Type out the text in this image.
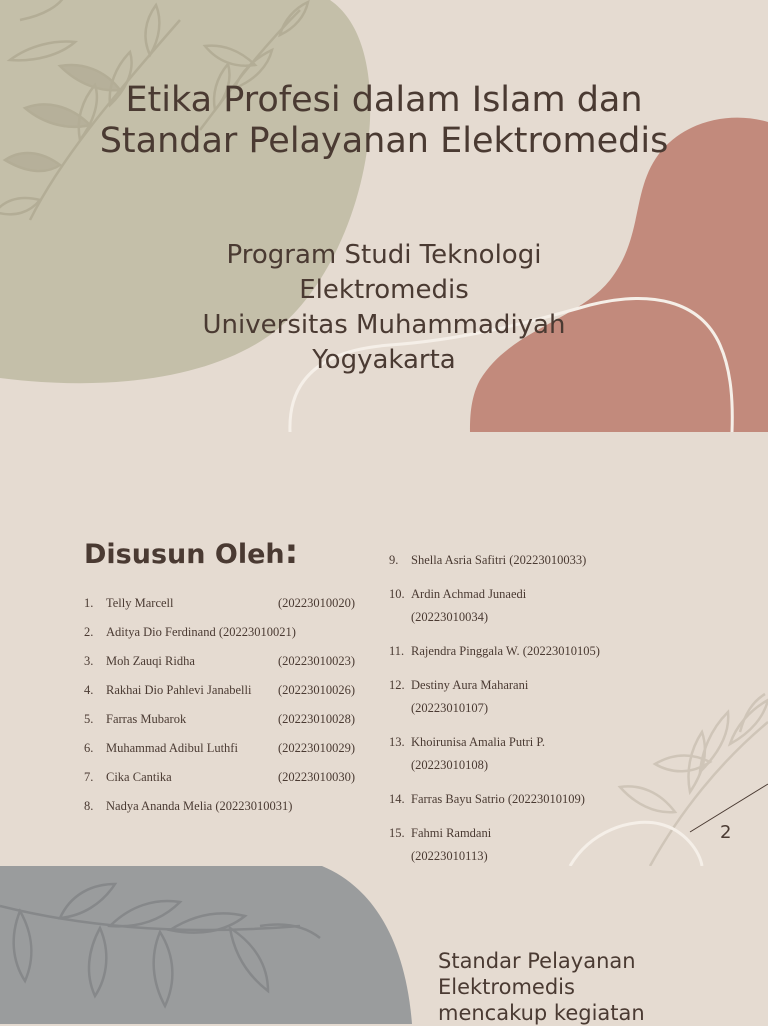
Etika Profesi dalam Islam dan
Standar Pelayanan Elektromedis
Program Studi Teknologi
Elektromedis
Universitas Muhammadiyah
Yogyakarta
Disusun Oleh:
1. Telly Marcell	(20223010020)
2. Aditya Dio Ferdinand (20223010021)
3. Moh Zauqi Ridha	(20223010023)
4. Rakhai Dio Pahlevi Janabelli (20223010026)
5. Farras Mubarok	(20223010028)
6. Muhammad Adibul Luthfi	(20223010029)
7. Cika Cantika	(20223010030)
8. Nadya Ananda Melia (20223010031)
9. Shella Asria Safitri (20223010033)
10. Ardin Achmad Junaedi
(20223010034)
11. Rajendra Pinggala W. (20223010105)
12. Destiny Aura Maharani
(20223010107)
13. Khoirunisa Amalia Putri P.
(20223010108)
14. Farras Bayu Satrio (20223010109)
15. Fahmi Ramdani
(20223010113)
2
Standar Pelayanan
Elektromedis
mencakup kegiatan
